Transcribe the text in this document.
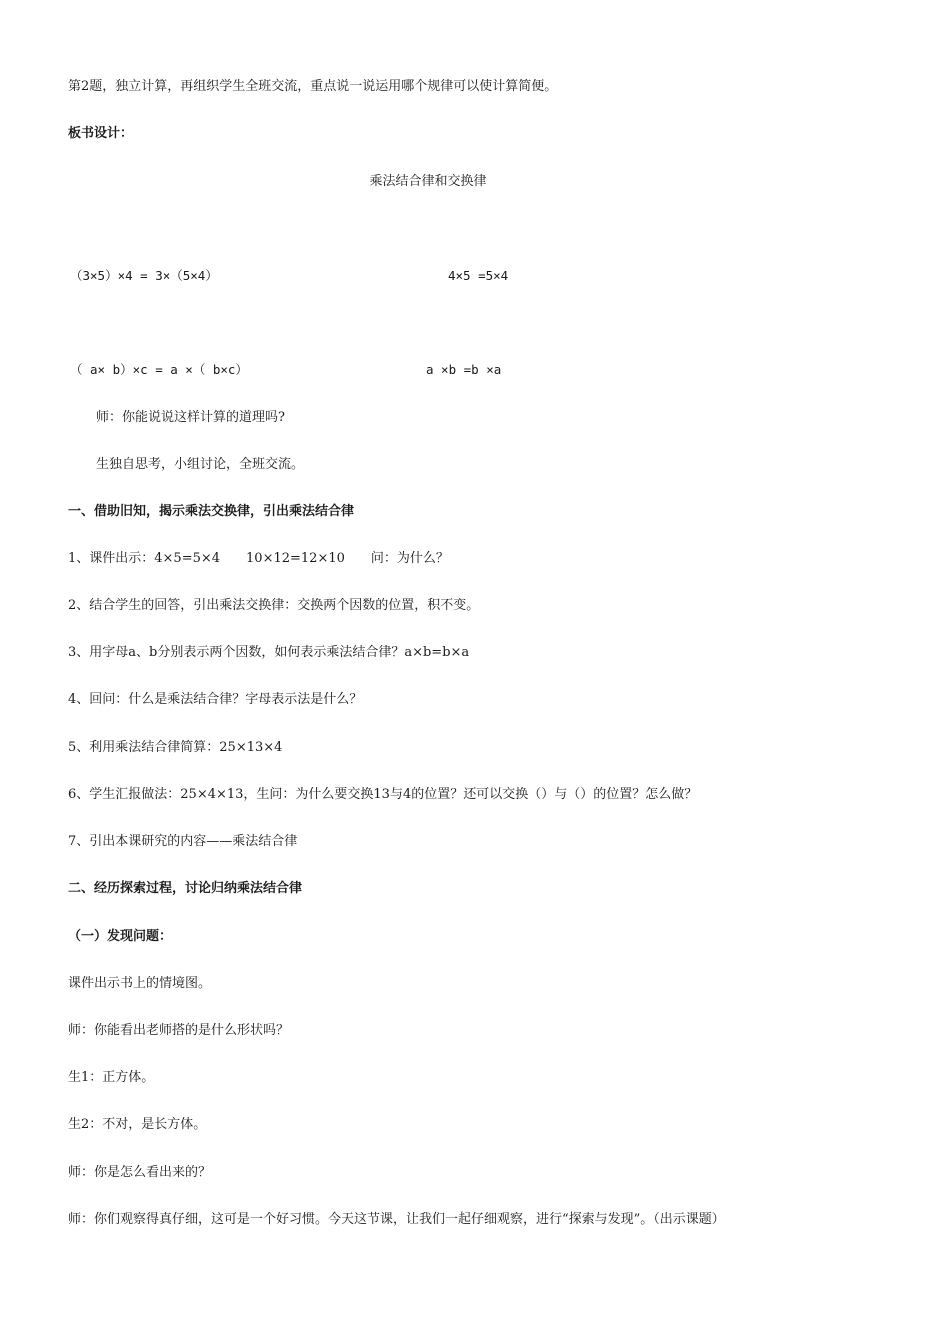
第2题，独立计算，再组织学生全班交流，重点说一说运用哪个规律可以使计算简便。
板书设计：
乘法结合律和交换律
（3×5）×4 = 3×（5×4）	4×5 =5×4
（ a× b）×c = a ×（ b×c）	a ×b =b ×a
师：你能说说这样计算的道理吗?
生独自思考，小组讨论，全班交流。
一、借助旧知，揭示乘法交换律，引出乘法结合律
1、课件出示：4×5=5×4　　10×12=12×10　　问：为什么？
2、结合学生的回答，引出乘法交换律：交换两个因数的位置，积不变。
3、用字母a、b分别表示两个因数，如何表示乘法结合律？a×b=b×a
4、回问：什么是乘法结合律？字母表示法是什么？
5、利用乘法结合律简算：25×13×4
6、学生汇报做法：25×4×13，生问：为什么要交换13与4的位置？还可以交换（）与（）的位置？怎么做？
7、引出本课研究的内容——乘法结合律
二、经历探索过程，讨论归纳乘法结合律
（一）发现问题：
课件出示书上的情境图。
师：你能看出老师搭的是什么形状吗？
生1：正方体。
生2：不对，是长方体。
师：你是怎么看出来的？
师：你们观察得真仔细，这可是一个好习惯。今天这节课，让我们一起仔细观察，进行“探索与发现”。（出示课题）
